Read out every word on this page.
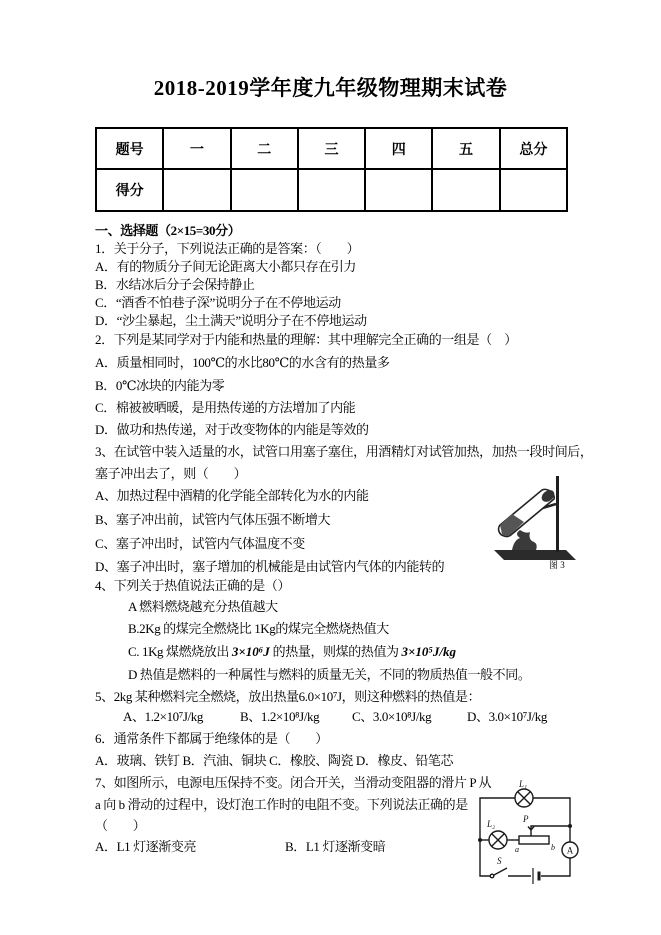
2018-2019学年度九年级物理期末试卷
题号	一	二	三	四	五	总分
得分						
一、选择题（2×15=30分）
1．关于分子，下列说法正确的是答案：（　　）
A．有的物质分子间无论距离大小都只存在引力
B．水结冰后分子会保持静止
C．“酒香不怕巷子深”说明分子在不停地运动
D．“沙尘暴起，尘土满天”说明分子在不停地运动
2．下列是某同学对于内能和热量的理解：其中理解完全正确的一组是（　）
A．质量相同时，100℃的水比80℃的水含有的热量多
B．0℃冰块的内能为零
C．棉被被晒暖，是用热传递的方法增加了内能
D．做功和热传递，对于改变物体的内能是等效的
3、在试管中装入适量的水，试管口用塞子塞住，用酒精灯对试管加热，加热一段时间后，
塞子冲出去了，则（　　）
A、加热过程中酒精的化学能全部转化为水的内能
B、塞子冲出前，试管内气体压强不断增大
C、塞子冲出时，试管内气体温度不变
D、塞子冲出时，塞子增加的机械能是由试管内气体的内能转的	图 3
4、下列关于热值说法正确的是（）
A 燃料燃烧越充分热值越大
B.2Kg 的煤完全燃烧比 1Kg的煤完全燃烧热值大
C. 1Kg 煤燃烧放出 3×10⁶J 的热量，则煤的热值为 3×10⁵J/kg
D 热值是燃料的一种属性与燃料的质量无关，不同的物质热值一般不同。
5、2kg 某种燃料完全燃烧，放出热量6.0×10⁷J，则这种燃料的热值是：
A、1.2×10⁷J/kg	B、1.2×10⁸J/kg	C、3.0×10⁸J/kg	D、3.0×10⁷J/kg
6．通常条件下都属于绝缘体的是（　　）
A．玻璃、铁钉 B．汽油、铜块 C．橡胶、陶瓷 D．橡皮、铅笔芯
7、如图所示，电源电压保持不变。闭合开关，当滑动变阻器的滑片 P 从
a 向 b 滑动的过程中，设灯泡工作时的电阻不变。下列说法正确的是
（　　）
A．L1 灯逐渐变亮	B．L1 灯逐渐变暗
L₁
L₂	P
a	b A
S
